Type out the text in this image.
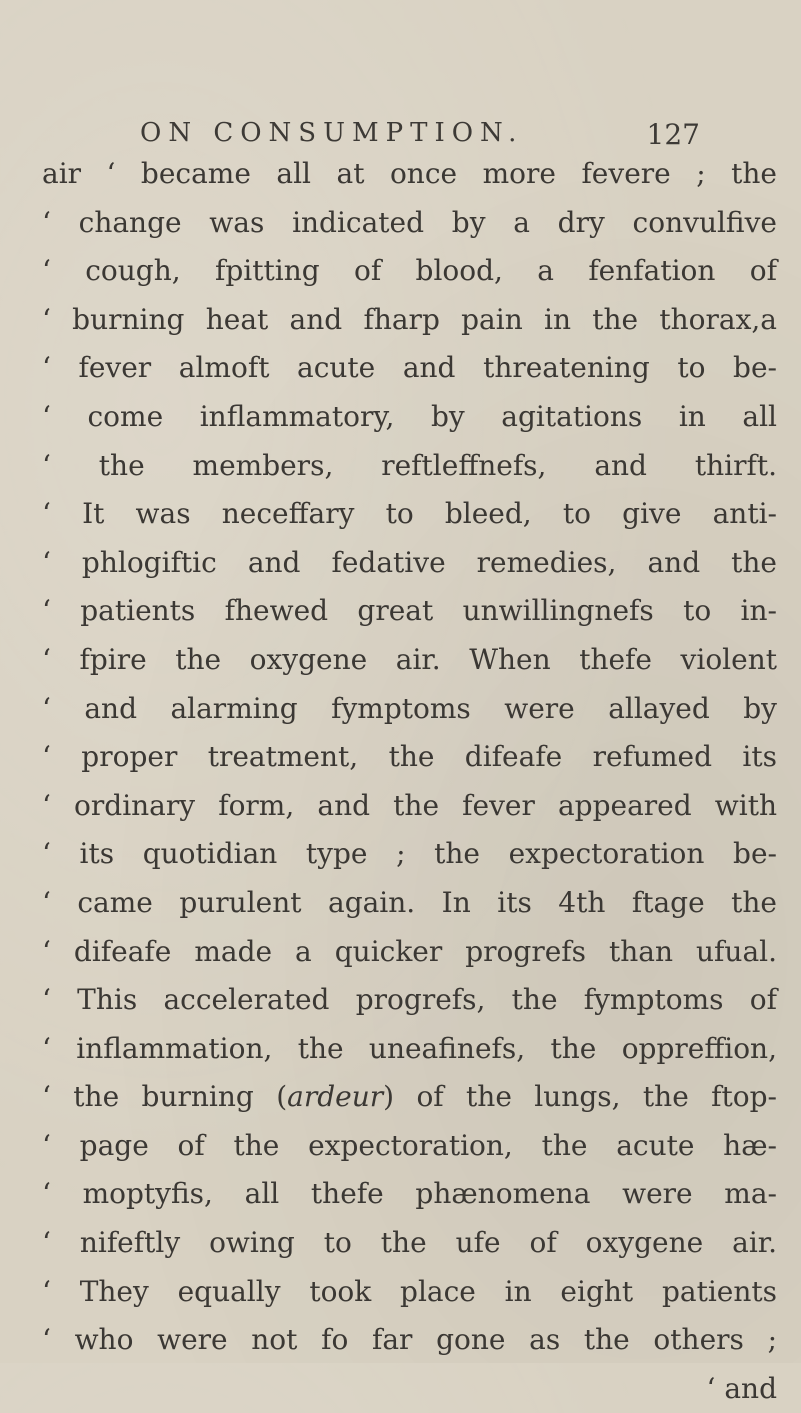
ON CONSUMPTION.	127
air ‘ became all at once more fevere ; the
‘ change was indicated by a dry convulfive
‘ cough, fpitting of blood, a fenfation of
‘ burning heat and fharp pain in the thorax,a
‘ fever almoft acute and threatening to be-
‘ come inflammatory, by agitations in all
‘ the members, reftleffnefs, and thirft.
‘ It was neceffary to bleed, to give anti-
‘ phlogiftic and fedative remedies, and the
‘ patients fhewed great unwillingnefs to in-
‘ fpire the oxygene air. When thefe violent
‘ and alarming fymptoms were allayed by
‘ proper treatment, the difeafe refumed its
‘ ordinary form, and the fever appeared with
‘ its quotidian type ; the expectoration be-
‘ came purulent again. In its 4th ftage the
‘ difeafe made a quicker progrefs than ufual.
‘ This accelerated progrefs, the fymptoms of
‘ inflammation, the uneafinefs, the oppreffion,
‘ the burning (ardeur) of the lungs, the ftop-
‘ page of the expectoration, the acute hæ-
‘ moptyfis, all thefe phænomena were ma-
‘ nifeftly owing to the ufe of oxygene air.
‘ They equally took place in eight patients
‘ who were not fo far gone as the others ;
‘ and
